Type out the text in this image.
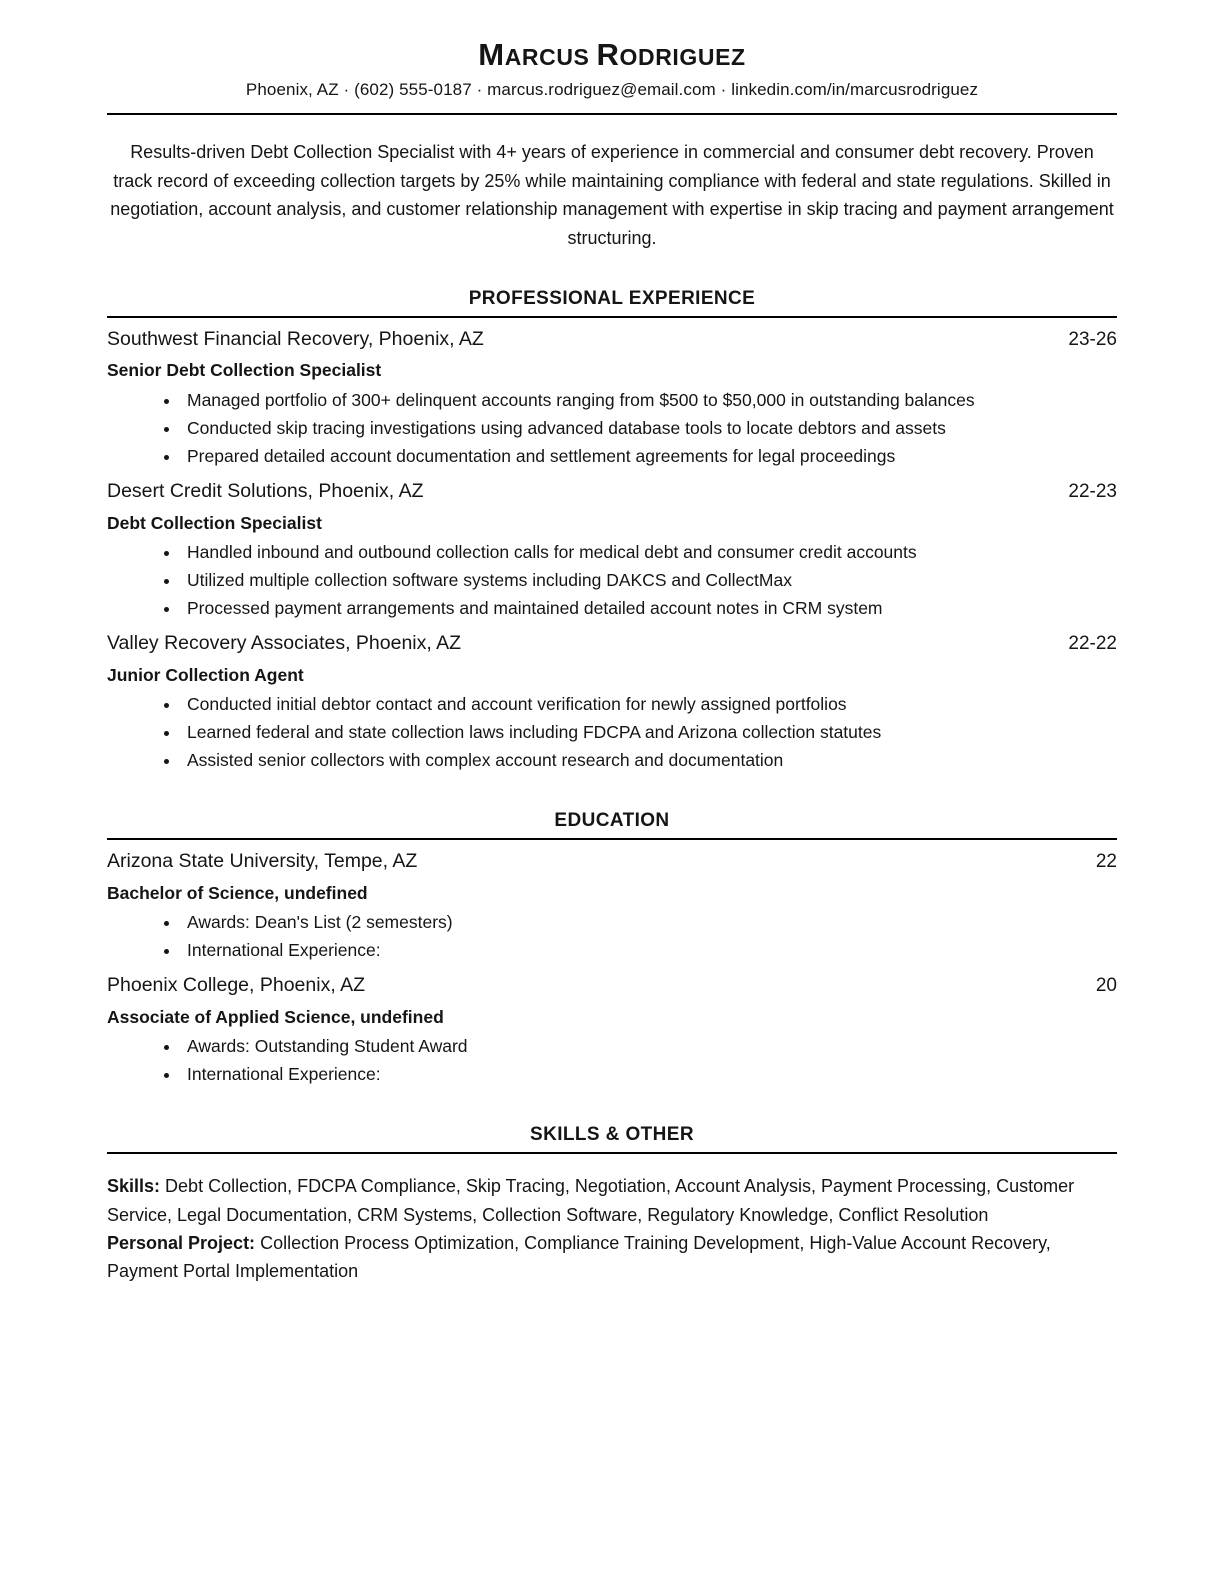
MARCUS RODRIGUEZ
Phoenix, AZ · (602) 555-0187 · marcus.rodriguez@email.com · linkedin.com/in/marcusrodriguez

Results-driven Debt Collection Specialist with 4+ years of experience in commercial and consumer debt recovery. Proven track record of exceeding collection targets by 25% while maintaining compliance with federal and state regulations. Skilled in negotiation, account analysis, and customer relationship management with expertise in skip tracing and payment arrangement structuring.

PROFESSIONAL EXPERIENCE
Southwest Financial Recovery, Phoenix, AZ	23-26
Senior Debt Collection Specialist
• Managed portfolio of 300+ delinquent accounts ranging from $500 to $50,000 in outstanding balances
• Conducted skip tracing investigations using advanced database tools to locate debtors and assets
• Prepared detailed account documentation and settlement agreements for legal proceedings
Desert Credit Solutions, Phoenix, AZ	22-23
Debt Collection Specialist
• Handled inbound and outbound collection calls for medical debt and consumer credit accounts
• Utilized multiple collection software systems including DAKCS and CollectMax
• Processed payment arrangements and maintained detailed account notes in CRM system
Valley Recovery Associates, Phoenix, AZ	22-22
Junior Collection Agent
• Conducted initial debtor contact and account verification for newly assigned portfolios
• Learned federal and state collection laws including FDCPA and Arizona collection statutes
• Assisted senior collectors with complex account research and documentation
EDUCATION
Arizona State University, Tempe, AZ	22
Bachelor of Science, undefined
• Awards: Dean's List (2 semesters)
• International Experience:
Phoenix College, Phoenix, AZ	20
Associate of Applied Science, undefined
• Awards: Outstanding Student Award
• International Experience:
SKILLS & OTHER

Skills: Debt Collection, FDCPA Compliance, Skip Tracing, Negotiation, Account Analysis, Payment Processing, Customer Service, Legal Documentation, CRM Systems, Collection Software, Regulatory Knowledge, Conflict Resolution

Personal Project: Collection Process Optimization, Compliance Training Development, High-Value Account Recovery, Payment Portal Implementation
